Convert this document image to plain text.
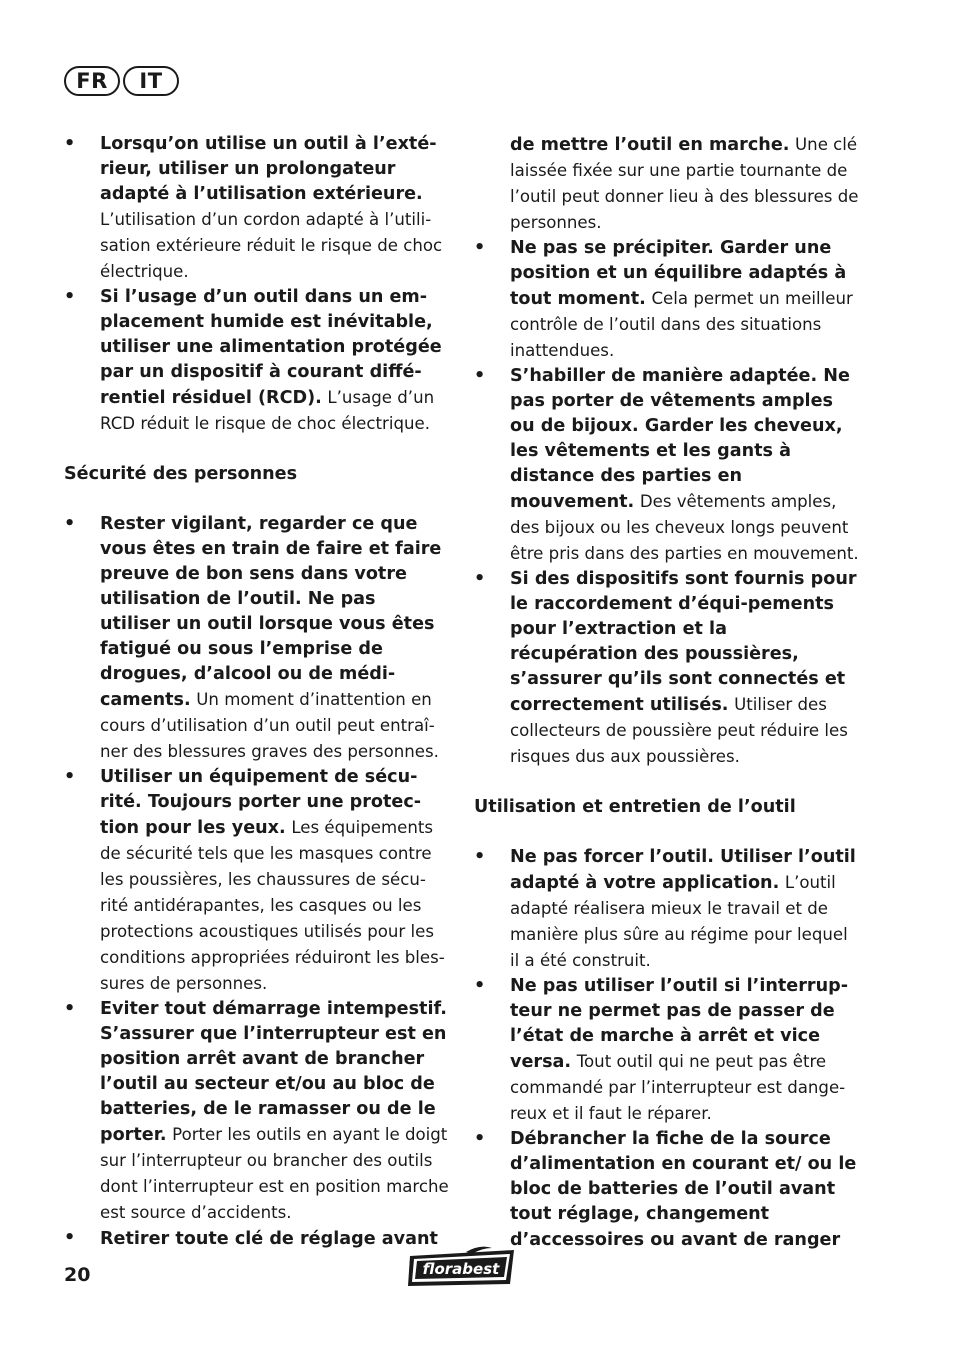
FR	IT
• Lorsqu’on utilise un outil à l’exté-rieur, utiliser un prolongateur adapté à l’utilisation extérieure. L’utilisation d’un cordon adapté à l’utili-sation extérieure réduit le risque de choc électrique.
• Si l’usage d’un outil dans un em-placement humide est inévitable, utiliser une alimentation protégée par un dispositif à courant diffé-rentiel résiduel (RCD). L’usage d’un RCD réduit le risque de choc électrique.
Sécurité des personnes
• Rester vigilant, regarder ce que vous êtes en train de faire et faire preuve de bon sens dans votre utilisation de l’outil. Ne pas utiliser un outil lorsque vous êtes fatigué ou sous l’emprise de drogues, d’alcool ou de médi-caments. Un moment d’inattention en cours d’utilisation d’un outil peut entraî-ner des blessures graves des personnes.
• Utiliser un équipement de sécu-rité. Toujours porter une protec-tion pour les yeux. Les équipements de sécurité tels que les masques contre les poussières, les chaussures de sécu-rité antidérapantes, les casques ou les protections acoustiques utilisés pour les conditions appropriées réduiront les bles-sures de personnes.
• Eviter tout démarrage intempestif. S’assurer que l’interrupteur est en position arrêt avant de brancher l’outil au secteur et/ou au bloc de batteries, de le ramasser ou de le porter. Porter les outils en ayant le doigt sur l’interrupteur ou brancher des outils dont l’interrupteur est en position marche est source d’accidents.
• Retirer toute clé de réglage avant
de mettre l’outil en marche. Une clé laissée fixée sur une partie tournante de l’outil peut donner lieu à des blessures de personnes.
• Ne pas se précipiter. Garder une position et un équilibre adaptés à tout moment. Cela permet un meilleur contrôle de l’outil dans des situations inattendues.
• S’habiller de manière adaptée. Ne pas porter de vêtements amples ou de bijoux. Garder les cheveux, les vêtements et les gants à distance des parties en mouvement. Des vêtements amples, des bijoux ou les cheveux longs peuvent être pris dans des parties en mouvement.
• Si des dispositifs sont fournis pour le raccordement d’équi-pements pour l’extraction et la récupération des poussières, s’assurer qu’ils sont connectés et correctement utilisés. Utiliser des collecteurs de poussière peut réduire les risques dus aux poussières.
Utilisation et entretien de l’outil
• Ne pas forcer l’outil. Utiliser l’outil adapté à votre application. L’outil adapté réalisera mieux le travail et de manière plus sûre au régime pour lequel il a été construit.
• Ne pas utiliser l’outil si l’interrup-teur ne permet pas de passer de l’état de marche à arrêt et vice versa. Tout outil qui ne peut pas être commandé par l’interrupteur est dange-reux et il faut le réparer.
• Débrancher la fiche de la source d’alimentation en courant et/ ou le bloc de batteries de l’outil avant tout réglage, changement d’accessoires ou avant de ranger
20	florabest
